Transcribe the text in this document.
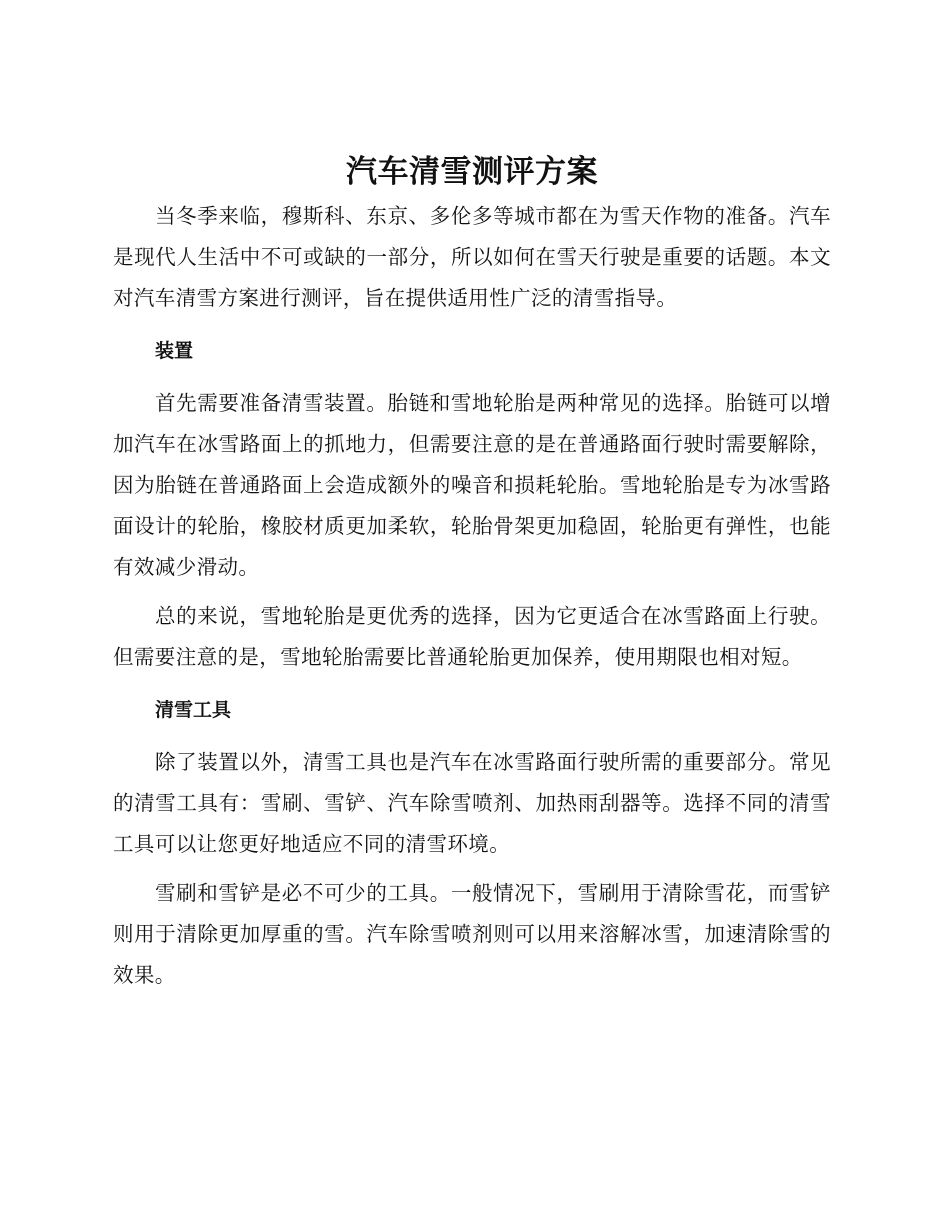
汽车清雪测评方案

当冬季来临，穆斯科、东京、多伦多等城市都在为雪天作物的准备。汽车是现代人生活中不可或缺的一部分，所以如何在雪天行驶是重要的话题。本文对汽车清雪方案进行测评，旨在提供适用性广泛的清雪指导。

装置

首先需要准备清雪装置。胎链和雪地轮胎是两种常见的选择。胎链可以增加汽车在冰雪路面上的抓地力，但需要注意的是在普通路面行驶时需要解除，因为胎链在普通路面上会造成额外的噪音和损耗轮胎。雪地轮胎是专为冰雪路面设计的轮胎，橡胶材质更加柔软，轮胎骨架更加稳固，轮胎更有弹性，也能有效减少滑动。

总的来说，雪地轮胎是更优秀的选择，因为它更适合在冰雪路面上行驶。但需要注意的是，雪地轮胎需要比普通轮胎更加保养，使用期限也相对短。

清雪工具

除了装置以外，清雪工具也是汽车在冰雪路面行驶所需的重要部分。常见的清雪工具有：雪刷、雪铲、汽车除雪喷剂、加热雨刮器等。选择不同的清雪工具可以让您更好地适应不同的清雪环境。

雪刷和雪铲是必不可少的工具。一般情况下，雪刷用于清除雪花，而雪铲则用于清除更加厚重的雪。汽车除雪喷剂则可以用来溶解冰雪，加速清除雪的效果。
